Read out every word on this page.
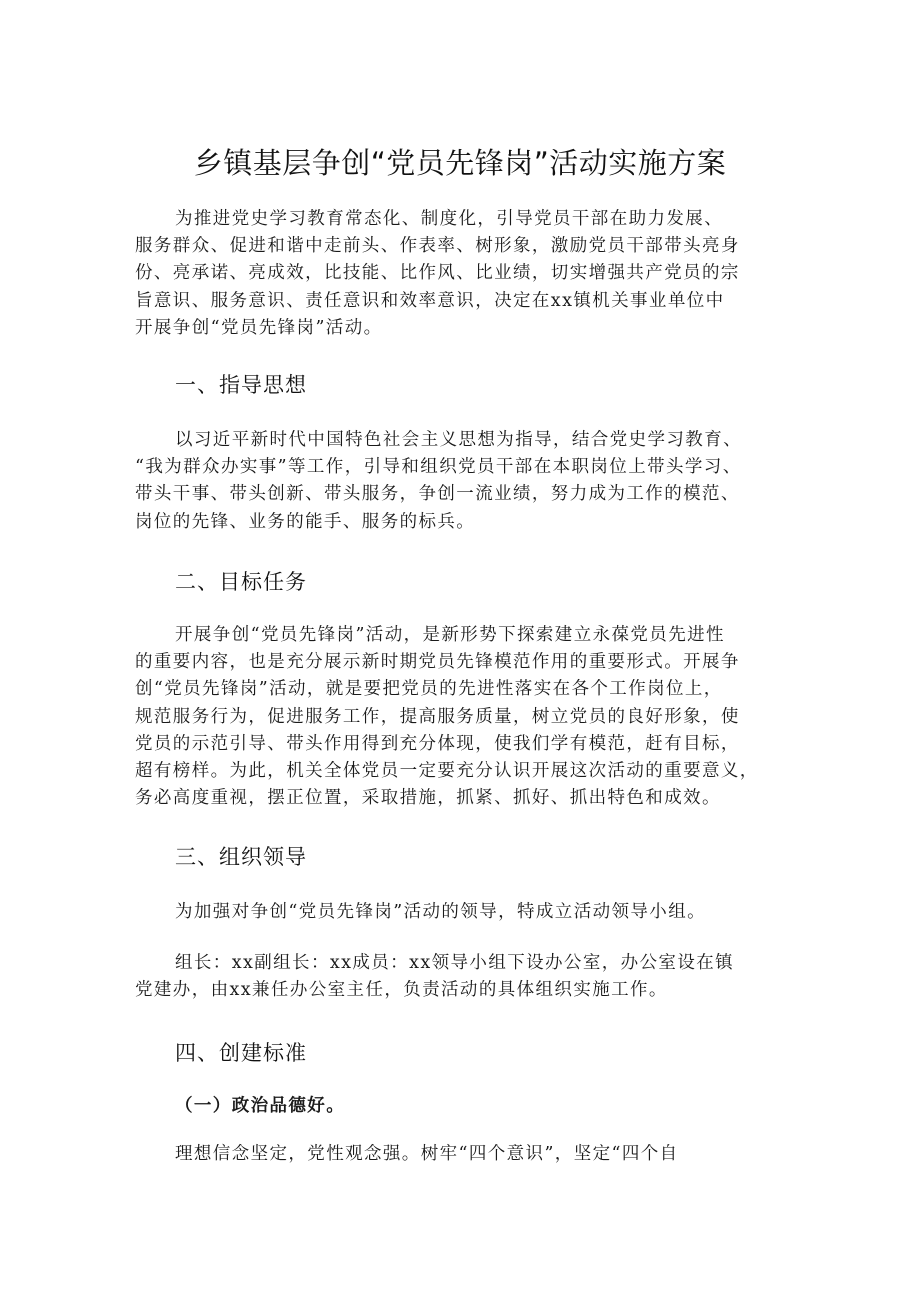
乡镇基层争创“党员先锋岗”活动实施方案
为推进党史学习教育常态化、制度化，引导党员干部在助力发展、
服务群众、促进和谐中走前头、作表率、树形象，激励党员干部带头亮身
份、亮承诺、亮成效，比技能、比作风、比业绩，切实增强共产党员的宗
旨意识、服务意识、责任意识和效率意识，决定在xx镇机关事业单位中
开展争创“党员先锋岗”活动。
一、指导思想
以习近平新时代中国特色社会主义思想为指导，结合党史学习教育、
“我为群众办实事”等工作，引导和组织党员干部在本职岗位上带头学习、
带头干事、带头创新、带头服务，争创一流业绩，努力成为工作的模范、
岗位的先锋、业务的能手、服务的标兵。
二、目标任务
开展争创“党员先锋岗”活动，是新形势下探索建立永葆党员先进性
的重要内容，也是充分展示新时期党员先锋模范作用的重要形式。开展争
创“党员先锋岗”活动，就是要把党员的先进性落实在各个工作岗位上，
规范服务行为，促进服务工作，提高服务质量，树立党员的良好形象，使
党员的示范引导、带头作用得到充分体现，使我们学有模范，赶有目标，
超有榜样。为此，机关全体党员一定要充分认识开展这次活动的重要意义，
务必高度重视，摆正位置，采取措施，抓紧、抓好、抓出特色和成效。
三、组织领导
为加强对争创“党员先锋岗”活动的领导，特成立活动领导小组。
组长：xx副组长：xx成员：xx领导小组下设办公室，办公室设在镇
党建办，由xx兼任办公室主任，负责活动的具体组织实施工作。
四、创建标准
（一）政治品德好。
理想信念坚定，党性观念强。树牢“四个意识”，坚定“四个自
